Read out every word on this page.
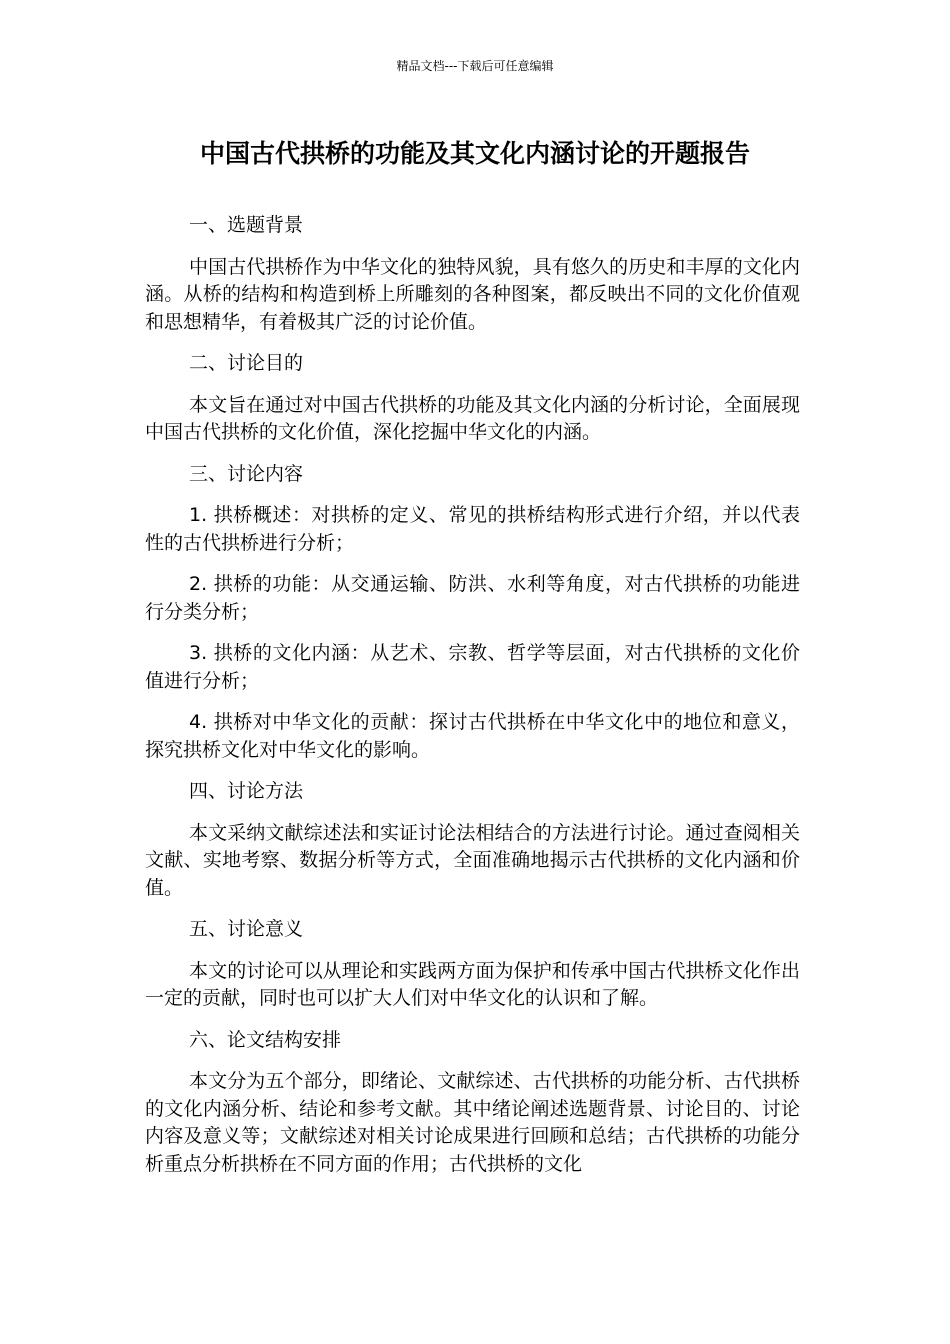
精品文档---下载后可任意编辑
中国古代拱桥的功能及其文化内涵讨论的开题报告

一、选题背景

中国古代拱桥作为中华文化的独特风貌，具有悠久的历史和丰厚的文化内涵。从桥的结构和构造到桥上所雕刻的各种图案，都反映出不同的文化价值观和思想精华，有着极其广泛的讨论价值。

二、讨论目的

本文旨在通过对中国古代拱桥的功能及其文化内涵的分析讨论，全面展现中国古代拱桥的文化价值，深化挖掘中华文化的内涵。

三、讨论内容

1. 拱桥概述：对拱桥的定义、常见的拱桥结构形式进行介绍，并以代表性的古代拱桥进行分析；

2. 拱桥的功能：从交通运输、防洪、水利等角度，对古代拱桥的功能进行分类分析；

3. 拱桥的文化内涵：从艺术、宗教、哲学等层面，对古代拱桥的文化价值进行分析；

4. 拱桥对中华文化的贡献：探讨古代拱桥在中华文化中的地位和意义，探究拱桥文化对中华文化的影响。

四、讨论方法

本文采纳文献综述法和实证讨论法相结合的方法进行讨论。通过查阅相关文献、实地考察、数据分析等方式，全面准确地揭示古代拱桥的文化内涵和价值。

五、讨论意义

本文的讨论可以从理论和实践两方面为保护和传承中国古代拱桥文化作出一定的贡献，同时也可以扩大人们对中华文化的认识和了解。

六、论文结构安排

本文分为五个部分，即绪论、文献综述、古代拱桥的功能分析、古代拱桥的文化内涵分析、结论和参考文献。其中绪论阐述选题背景、讨论目的、讨论内容及意义等；文献综述对相关讨论成果进行回顾和总结；古代拱桥的功能分析重点分析拱桥在不同方面的作用；古代拱桥的文化
